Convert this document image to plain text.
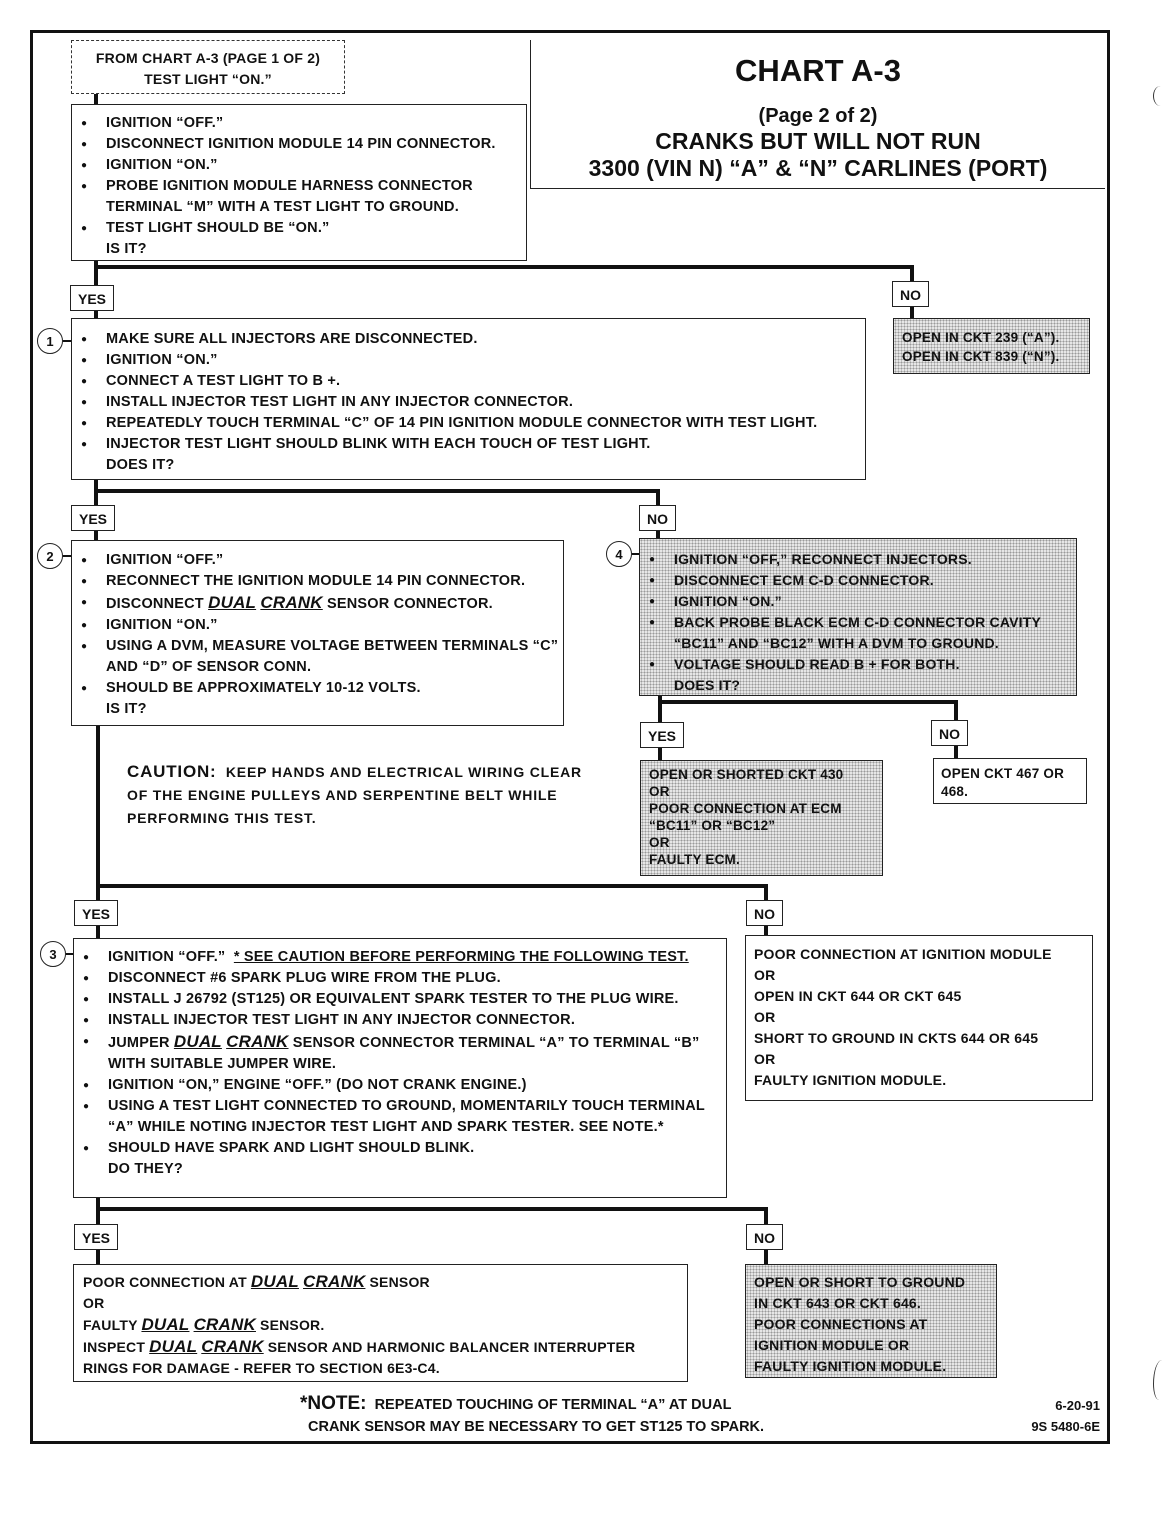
CHART A-3
(Page 2 of 2)
CRANKS BUT WILL NOT RUN
3300 (VIN N) “A” & “N” CARLINES (PORT)
FROM CHART A-3 (PAGE 1 OF 2)
TEST LIGHT “ON.”
● IGNITION “OFF.”
● DISCONNECT IGNITION MODULE 14 PIN CONNECTOR.
● IGNITION “ON.”
● PROBE IGNITION MODULE HARNESS CONNECTOR TERMINAL “M” WITH A TEST LIGHT TO GROUND.
● TEST LIGHT SHOULD BE “ON.”
IS IT?
YES	NO
OPEN IN CKT 239 (“A”).
OPEN IN CKT 839 (“N”).
1	● MAKE SURE ALL INJECTORS ARE DISCONNECTED.
● IGNITION “ON.”
● CONNECT A TEST LIGHT TO B +.
● INSTALL INJECTOR TEST LIGHT IN ANY INJECTOR CONNECTOR.
● REPEATEDLY TOUCH TERMINAL “C” OF 14 PIN IGNITION MODULE CONNECTOR WITH TEST LIGHT.
● INJECTOR TEST LIGHT SHOULD BLINK WITH EACH TOUCH OF TEST LIGHT.
DOES IT?
YES	NO
2	● IGNITION “OFF.”
● RECONNECT THE IGNITION MODULE 14 PIN CONNECTOR.
● DISCONNECT DUAL CRANK SENSOR CONNECTOR.
● IGNITION “ON.”
● USING A DVM, MEASURE VOLTAGE BETWEEN TERMINALS “C” AND “D” OF SENSOR CONN.
● SHOULD BE APPROXIMATELY 10-12 VOLTS.
IS IT?
4	● IGNITION “OFF,” RECONNECT INJECTORS.
● DISCONNECT ECM C-D CONNECTOR.
● IGNITION “ON.”
● BACK PROBE BLACK ECM C-D CONNECTOR CAVITY “BC11” AND “BC12” WITH A DVM TO GROUND.
● VOLTAGE SHOULD READ B + FOR BOTH.
DOES IT?
YES	NO
OPEN OR SHORTED CKT 430
OR
POOR CONNECTION AT ECM
“BC11” OR “BC12”
OR
FAULTY ECM.
OPEN CKT 467 OR
468.
CAUTION: KEEP HANDS AND ELECTRICAL WIRING CLEAR OF THE ENGINE PULLEYS AND SERPENTINE BELT WHILE PERFORMING THIS TEST.
YES	NO
3	● IGNITION “OFF.” * SEE CAUTION BEFORE PERFORMING THE FOLLOWING TEST.
● DISCONNECT #6 SPARK PLUG WIRE FROM THE PLUG.
● INSTALL J 26792 (ST125) OR EQUIVALENT SPARK TESTER TO THE PLUG WIRE.
● INSTALL INJECTOR TEST LIGHT IN ANY INJECTOR CONNECTOR.
● JUMPER DUAL CRANK SENSOR CONNECTOR TERMINAL “A” TO TERMINAL “B” WITH SUITABLE JUMPER WIRE.
● IGNITION “ON,” ENGINE “OFF.” (DO NOT CRANK ENGINE.)
● USING A TEST LIGHT CONNECTED TO GROUND, MOMENTARILY TOUCH TERMINAL “A” WHILE NOTING INJECTOR TEST LIGHT AND SPARK TESTER. SEE NOTE.*
● SHOULD HAVE SPARK AND LIGHT SHOULD BLINK.
DO THEY?
POOR CONNECTION AT IGNITION MODULE
OR
OPEN IN CKT 644 OR CKT 645
OR
SHORT TO GROUND IN CKTS 644 OR 645
OR
FAULTY IGNITION MODULE.
YES	NO
POOR CONNECTION AT DUAL CRANK SENSOR
OR
FAULTY DUAL CRANK SENSOR.
INSPECT DUAL CRANK SENSOR AND HARMONIC BALANCER INTERRUPTER
RINGS FOR DAMAGE - REFER TO SECTION 6E3-C4.
OPEN OR SHORT TO GROUND
IN CKT 643 OR CKT 646.
POOR CONNECTIONS AT
IGNITION MODULE OR
FAULTY IGNITION MODULE.
*NOTE: REPEATED TOUCHING OF TERMINAL “A” AT DUAL
CRANK SENSOR MAY BE NECESSARY TO GET ST125 TO SPARK.
6-20-91
9S 5480-6E
